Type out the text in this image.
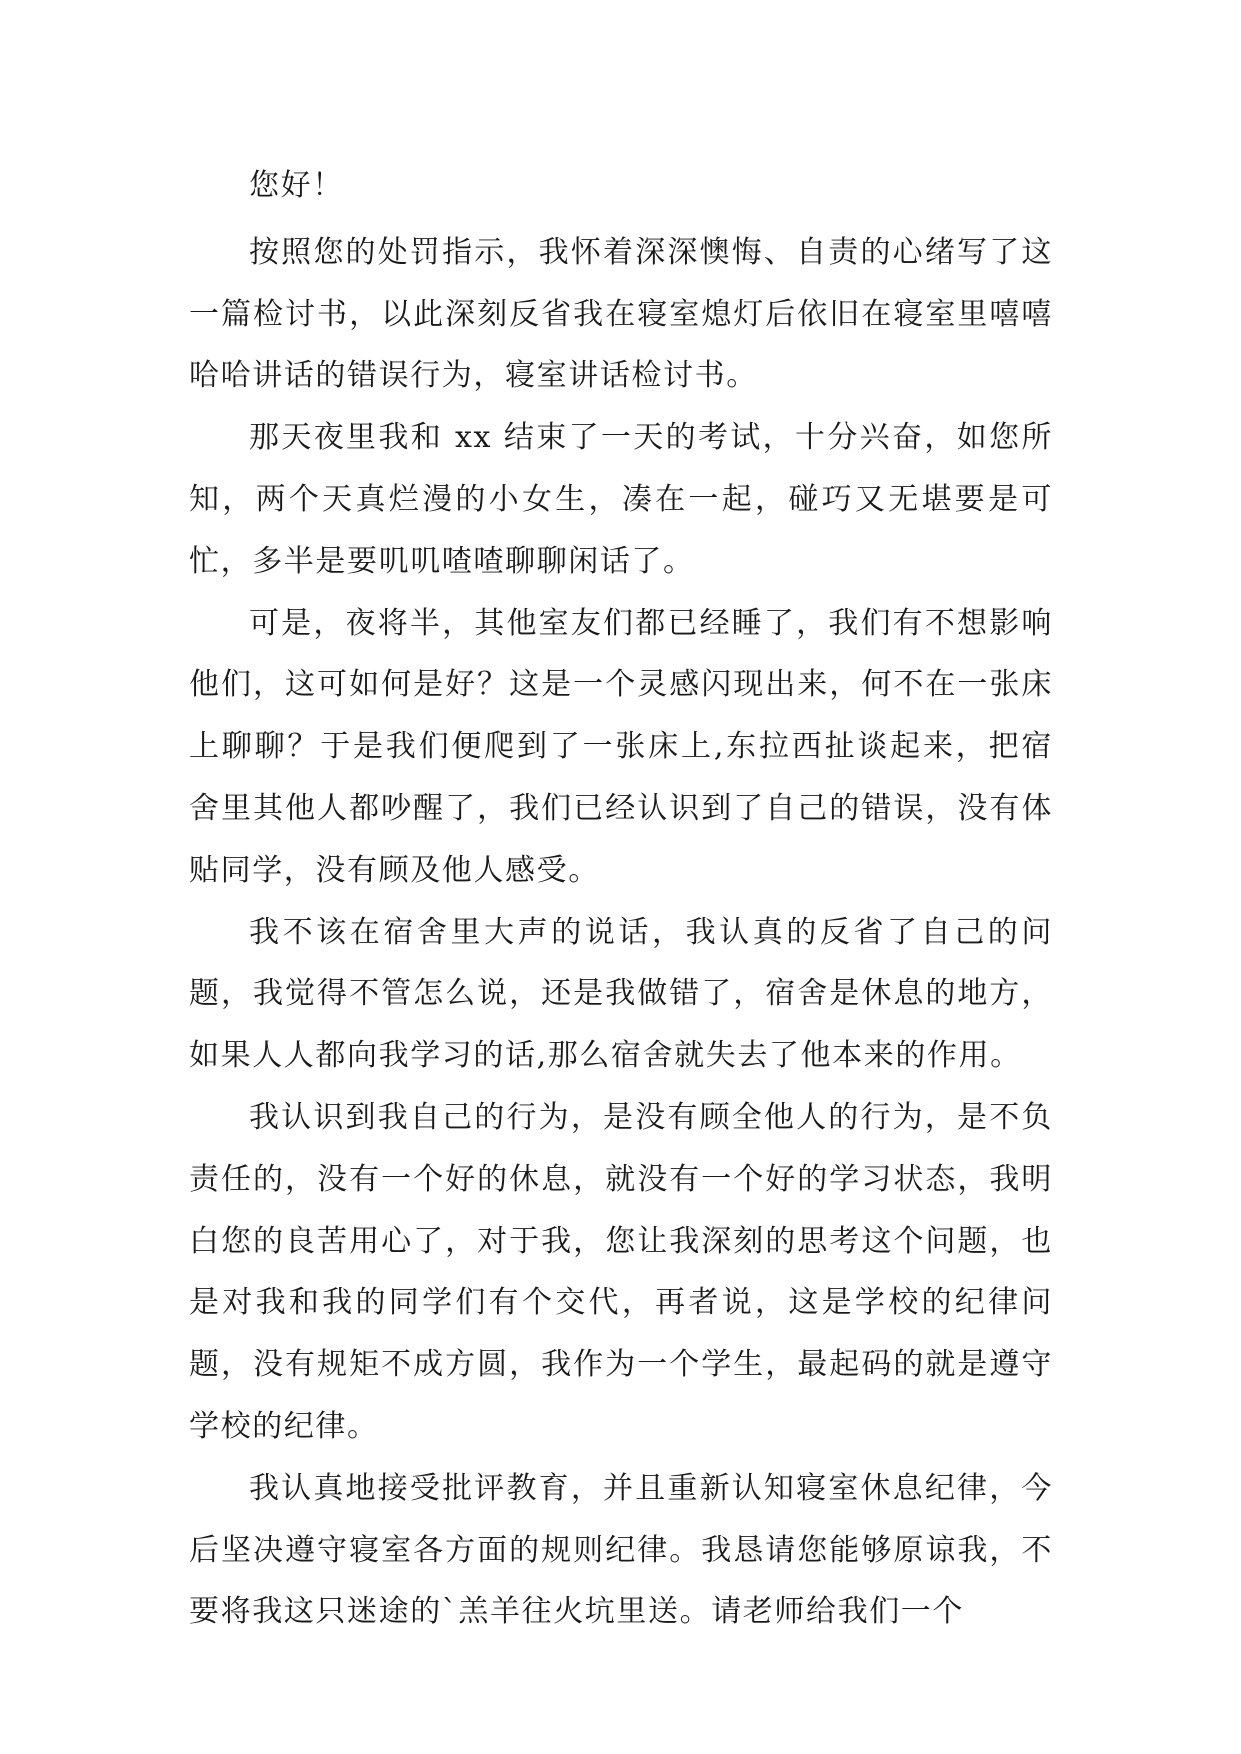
您好！

按照您的处罚指示，我怀着深深懊悔、自责的心绪写了这一篇检讨书，以此深刻反省我在寝室熄灯后依旧在寝室里嘻嘻哈哈讲话的错误行为，寝室讲话检讨书。

那天夜里我和 xx 结束了一天的考试，十分兴奋，如您所知，两个天真烂漫的小女生，凑在一起，碰巧又无堪要是可忙，多半是要叽叽喳喳聊聊闲话了。

可是，夜将半，其他室友们都已经睡了，我们有不想影响他们，这可如何是好？这是一个灵感闪现出来，何不在一张床上聊聊？于是我们便爬到了一张床上,东拉西扯谈起来，把宿舍里其他人都吵醒了，我们已经认识到了自己的错误，没有体贴同学，没有顾及他人感受。

我不该在宿舍里大声的说话，我认真的反省了自己的问题，我觉得不管怎么说，还是我做错了，宿舍是休息的地方，如果人人都向我学习的话,那么宿舍就失去了他本来的作用。

我认识到我自己的行为，是没有顾全他人的行为，是不负责任的，没有一个好的休息，就没有一个好的学习状态，我明白您的良苦用心了，对于我，您让我深刻的思考这个问题，也是对我和我的同学们有个交代，再者说，这是学校的纪律问题，没有规矩不成方圆，我作为一个学生，最起码的就是遵守学校的纪律。

我认真地接受批评教育，并且重新认知寝室休息纪律，今后坚决遵守寝室各方面的规则纪律。我恳请您能够原谅我，不要将我这只迷途的`羔羊往火坑里送。请老师给我们一个
